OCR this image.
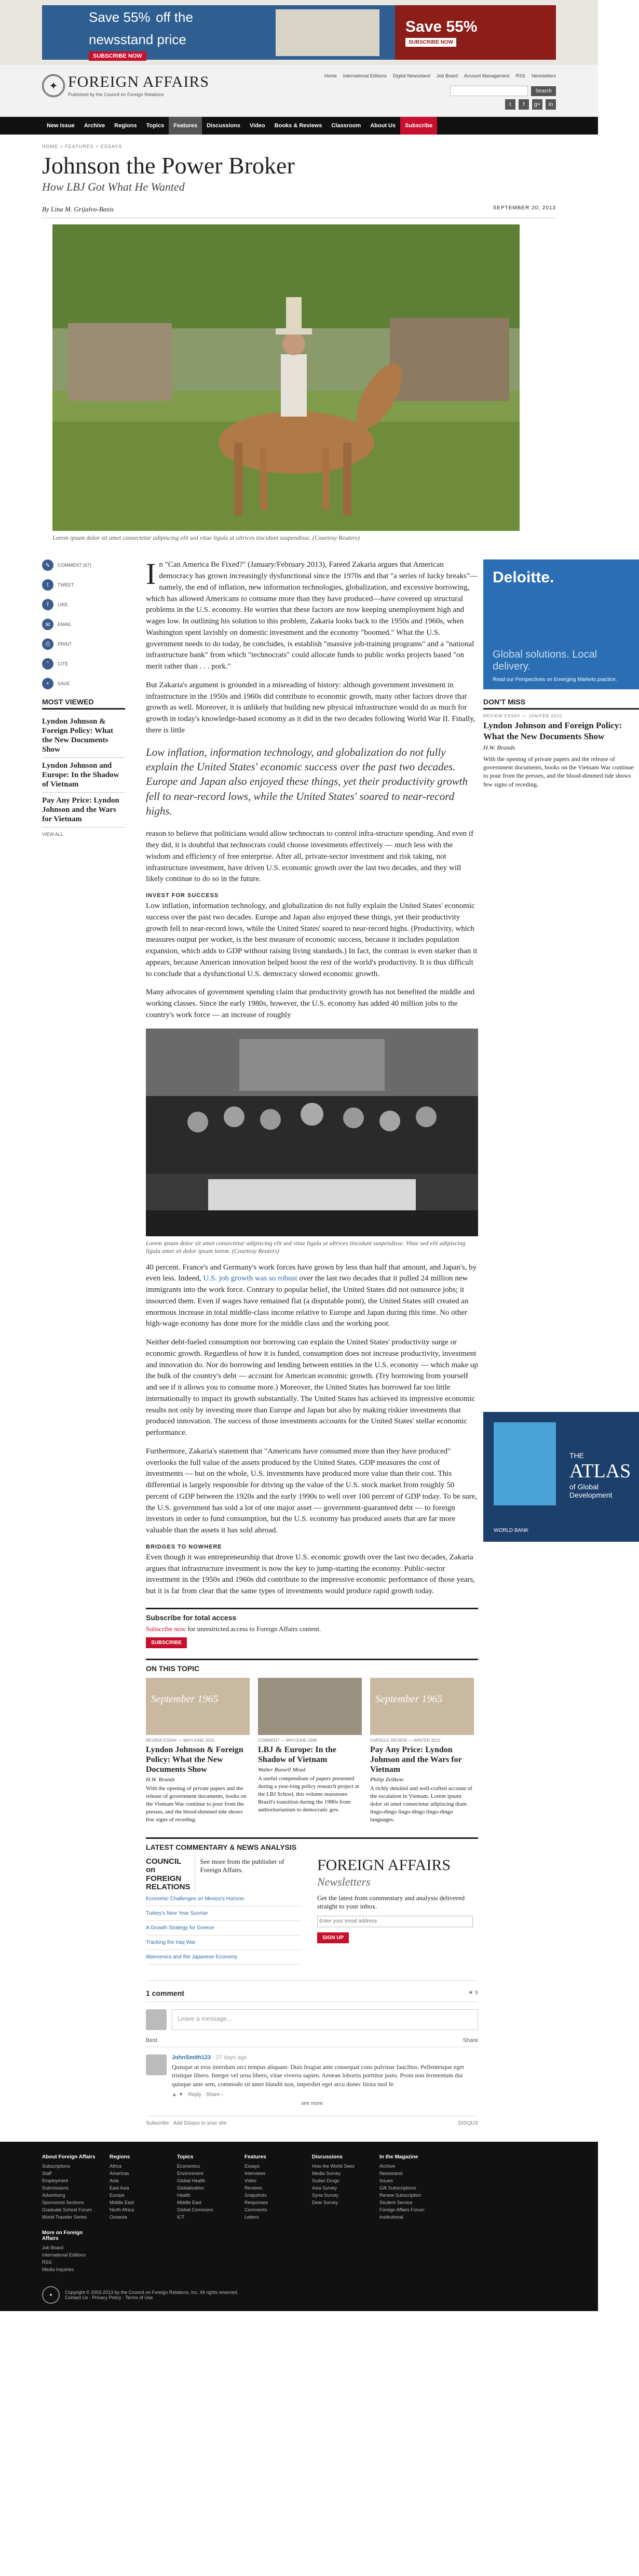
Save 55% off the newsstand price
SUBSCRIBE NOW
Save 55%
SUBSCRIBE NOW
✦ FOREIGN AFFAIRS
Published by the Council on Foreign Relations
Home International Editions Digital Newsstand Job Board Account Management RSS Newsletters
Search
t	f	g+	in
New Issue	Archive	Regions	Topics	Features	Discussions	Video	Books & Reviews	Classroom	About Us	Subscribe
HOME > FEATURES > ESSAYS
Johnson the Power Broker
How LBJ Got What He Wanted
By Lina M. Grijalvo-Basis	SEPTEMBER 20, 2013
Lorem ipsum dolor sit amet consectetur adipiscing elit sed vitae ligula ut ultrices tincidunt suspendisse. (Courtesy Reuters)
✎	COMMENT (67)
t	TWEET
f	LIKE
✉	EMAIL
⎙	PRINT
"	CITE
+	SAVE
MOST VIEWED
Lyndon Johnson & Foreign Policy: What the New Documents Show
Lyndon Johnson and Europe: In the Shadow of Vietnam
Pay Any Price: Lyndon Johnson and the Wars for Vietnam
VIEW ALL

In "Can America Be Fixed?" (January/February 2013), Fareed Zakaria argues that American democracy has grown increasingly dysfunctional since the 1970s and that "a series of lucky breaks"—namely, the end of inflation, new information technologies, globalization, and excessive borrowing, which has allowed Americans to consume more than they have produced—have covered up structural problems in the U.S. economy. He worries that these factors are now keeping unemployment high and wages low. In outlining his solution to this problem, Zakaria looks back to the 1950s and 1960s, when Washington spent lavishly on domestic investment and the economy "boomed." What the U.S. government needs to do today, he concludes, is establish "massive job-training programs" and a "national infrastructure bank" from which "technocrats" could allocate funds to public works projects based "on merit rather than . . . pork."

But Zakaria's argument is grounded in a misreading of history: although government investment in infrastructure in the 1950s and 1960s did contribute to economic growth, many other factors drove that growth as well. Moreover, it is unlikely that building new physical infrastructure would do as much for growth in today's knowledge-based economy as it did in the two decades following World War II. Finally, there is little

Low inflation, information technology, and globalization do not fully explain the United States' economic success over the past two decades. Europe and Japan also enjoyed these things, yet their productivity growth fell to near-record lows, while the United States' soared to near-record highs.

reason to believe that politicians would allow technocrats to control infra-structure spending. And even if they did, it is doubtful that technocrats could choose investments effectively — much less with the wisdom and efficiency of free enterprise. After all, private-sector investment and risk taking, not infrastructure investment, have driven U.S. economic growth over the last two decades, and they will likely continue to do so in the future.

INVEST FOR SUCCESS

Low inflation, information technology, and globalization do not fully explain the United States' economic success over the past two decades. Europe and Japan also enjoyed these things, yet their productivity growth fell to near-record lows, while the United States' soared to near-record highs. (Productivity, which measures output per worker, is the best measure of economic success, because it includes population expansion, which adds to GDP without raising living standards.) In fact, the contrast is even starker than it appears, because American innovation helped boost the rest of the world's productivity. It is thus difficult to conclude that a dysfunctional U.S. democracy slowed economic growth.

Many advocates of government spending claim that productivity growth has not benefited the middle and working classes. Since the early 1980s, however, the U.S. economy has added 40 million jobs to the country's work force — an increase of roughly

Lorem ipsum dolor sit amet consectetur adipiscing elit sed vitae ligula ut ultrices tincidunt suspendisse. Vitae sed elit adipiscing ligula amet sit dolor ipsum lorem. (Courtesy Reuters)

40 percent. France's and Germany's work forces have grown by less than half that amount, and Japan's, by even less. Indeed, U.S. job growth was so robust over the last two decades that it pulled 24 million new immigrants into the work force. Contrary to popular belief, the United States did not outsource jobs; it insourced them. Even if wages have remained flat (a disputable point), the United States still created an enormous increase in total middle-class income relative to Europe and Japan during this time. No other high-wage economy has done more for the middle class and the working poor.

Neither debt-fueled consumption nor borrowing can explain the United States' productivity surge or economic growth. Regardless of how it is funded, consumption does not increase productivity, investment and innovation do. Nor do borrowing and lending between entities in the U.S. economy — which make up the bulk of the country's debt — account for American economic growth. (Try borrowing from yourself and see if it allows you to consume more.) Moreover, the United States has borrowed far too little internationally to impact its growth substantially. The United States has achieved its impressive economic results not only by investing more than Europe and Japan but also by making riskier investments that produced innovation. The success of those investments accounts for the United States' stellar economic performance.

Furthermore, Zakaria's statement that "Americans have consumed more than they have produced" overlooks the full value of the assets produced by the United States. GDP measures the cost of investments — but on the whole, U.S. investments have produced more value than their cost. This differential is largely responsible for driving up the value of the U.S. stock market from roughly 50 percent of GDP between the 1920s and the early 1990s to well over 100 percent of GDP today. To be sure, the U.S. government has sold a lot of one major asset — government-guaranteed debt — to foreign investors in order to fund consumption, but the U.S. economy has produced assets that are far more valuable than the assets it has sold abroad.

BRIDGES TO NOWHERE

Even though it was entrepreneurship that drove U.S. economic growth over the last two decades, Zakaria argues that infrastructure investment is now the key to jump-starting the economy. Public-sector investment in the 1950s and 1960s did contribute to the impressive economic performance of those years, but it is far from clear that the same types of investments would produce rapid growth today.

Subscribe for total access
Subscribe now for unrestricted access to Foreign Affairs content.
SUBSCRIBE
ON THIS TOPIC
September 1965
REVIEW ESSAY — MAY/JUNE 2015
Lyndon Johnson & Foreign Policy: What the New Documents Show
H.W. Brands
With the opening of private papers and the release of government documents, books on the Vietnam War continue to pour from the presses, and the blood-dimmed tide shows few signs of receding.
COMMENT — MAY/JUNE 1999
LBJ & Europe: In the Shadow of Vietnam
Walter Russell Mead
A useful compendium of papers presented during a year-long policy research project at the LBJ School, this volume reassesses Brazil's transition during the 1980s from authoritarianism to democratic gov.
September 1965
CAPSULE REVIEW — WINTER 2015
Pay Any Price: Lyndon Johnson and the Wars for Vietnam
Philip Zelikow
A richly detailed and well-crafted account of the escalation in Vietnam. Lorem ipsum dolor sit amet consectetur adipiscing diam lingo-dingo lingo-dingo lingo-dingo languages.
LATEST COMMENTARY & NEWS ANALYSIS
COUNCIL on FOREIGN RELATIONS
See more from the publisher of Foreign Affairs.
Economic Challenges on Mexico's Horizon
Turkey's New Year Sunrise
A Growth Strategy for Greece
Tracking the Iraq War
Abenomics and the Japanese Economy
FOREIGN AFFAIRS Newsletters
Get the latest from commentary and analysis delivered straight to your inbox.
Enter your email address
SIGN UP
1 comment	★ 6
Leave a message...
Best	Share
JohnSmith123 · 27 days ago
Quisque ut eros interdum orci tempus aliquam. Duis feugiat ante consequat cons pulvinar faucibus. Pellentesque eget tristique libero. Integer vel urna libero, vitae viverra sapien. Aenean lobortis porttitor justo. Proin non fermentum dui quisque ante sem, commodo sit amet blandit non, imperdiet eget arcu donec litora mol fe
▲ ▼ · Reply · Share ›
see more
Subscribe · Add Disqus to your site	DISQUS
Deloitte.
Global solutions. Local delivery.
Read our Perspectives on Emerging Markets practice.
DON'T MISS
REVIEW ESSAY — JAN/FEB 2015
Lyndon Johnson and Foreign Policy: What the New Documents Show
H.W. Brands
With the opening of private papers and the release of government documents, books on the Vietnam War continue to pour from the presses, and the blood-dimmed tide shows few signs of receding.
THE
ATLAS
of Global Development
WORLD BANK
About Foreign Affairs
Subscriptions
Staff
Employment
Submissions
Advertising
Sponsored Sections
Graduate School Forum
World Traveler Series
Regions
Africa
Americas
Asia
East Asia
Europe
Middle East
North Africa
Oceania
Topics
Economics
Environment
Global Health
Globalization
Health
Middle East
Global Commons
ICT
Features
Essays
Interviews
Video
Reviews
Snapshots
Responses
Comments
Letters
Discussions
How the World Sees
Media Survey
Sudan Drugs
Asia Survey
Syria Survey
Dear Survey
In the Magazine
Archive
Newsstand
Issues
Gift Subscriptions
Renew Subscription
Student Service
Foreign Affairs Forum
Institutional
More on Foreign Affairs
Job Board
International Editions
RSS
Media Inquiries
✦	Copyright © 2002-2013 by the Council on Foreign Relations, Inc. All rights reserved.
Contact Us · Privacy Policy · Terms of Use
